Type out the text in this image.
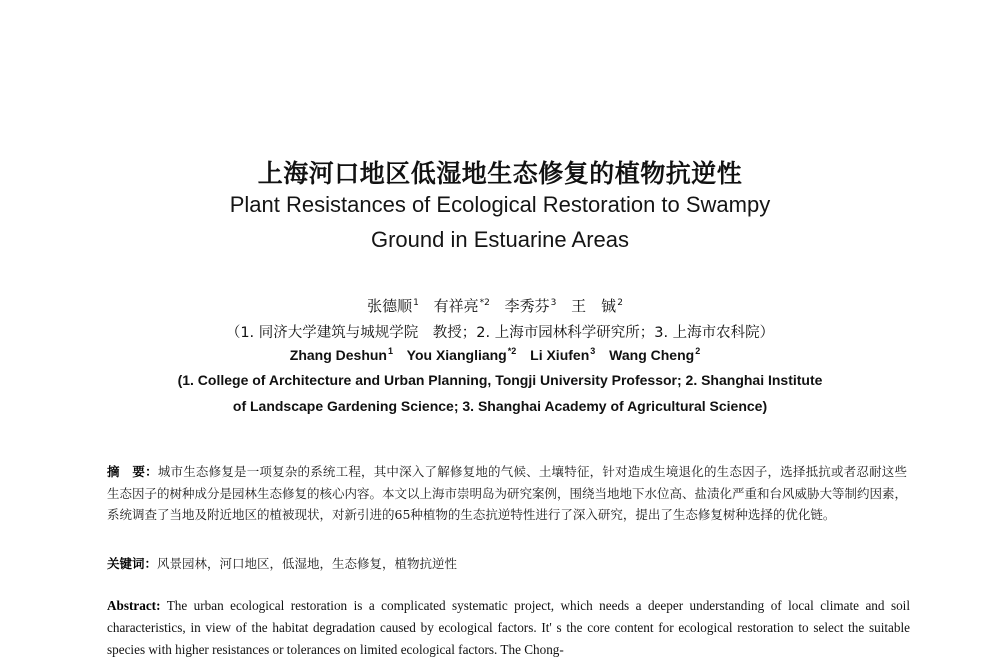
上海河口地区低湿地生态修复的植物抗逆性
Plant Resistances of Ecological Restoration to Swampy
Ground in Estuarine Areas
张德顺$^1$ 有祥亮$^{*2}$ 李秀芬$^3$ 王　铖$^2$
（1. 同济大学建筑与城规学院　教授；2. 上海市园林科学研究所；3. 上海市农科院）
Zhang Deshun$^1$ You Xiangliang$^{*2}$ Li Xiufen$^3$ Wang Cheng$^2$
(1. College of Architecture and Urban Planning, Tongji University Professor; 2. Shanghai Institute
of Landscape Gardening Science; 3. Shanghai Academy of Agricultural Science)
摘　要：城市生态修复是一项复杂的系统工程，其中深入了解修复地的气候、土壤特征，针对造成生境退化的生态因子，选择抵抗或者忍耐这些生态因子的树种成分是园林生态修复的核心内容。本文以上海市崇明岛为研究案例，围绕当地地下水位高、盐渍化严重和台风威胁大等制约因素，系统调查了当地及附近地区的植被现状，对新引进的65种植物的生态抗逆特性进行了深入研究，提出了生态修复树种选择的优化链。
关键词：风景园林，河口地区，低湿地，生态修复，植物抗逆性
Abstract: The urban ecological restoration is a complicated systematic project, which needs a deeper understanding of local climate and soil characteristics, in view of the habitat degradation caused by ecological factors. It' s the core content for ecological restoration to select the suitable species with higher resistances or tolerances on limited ecological factors. The Chong-
